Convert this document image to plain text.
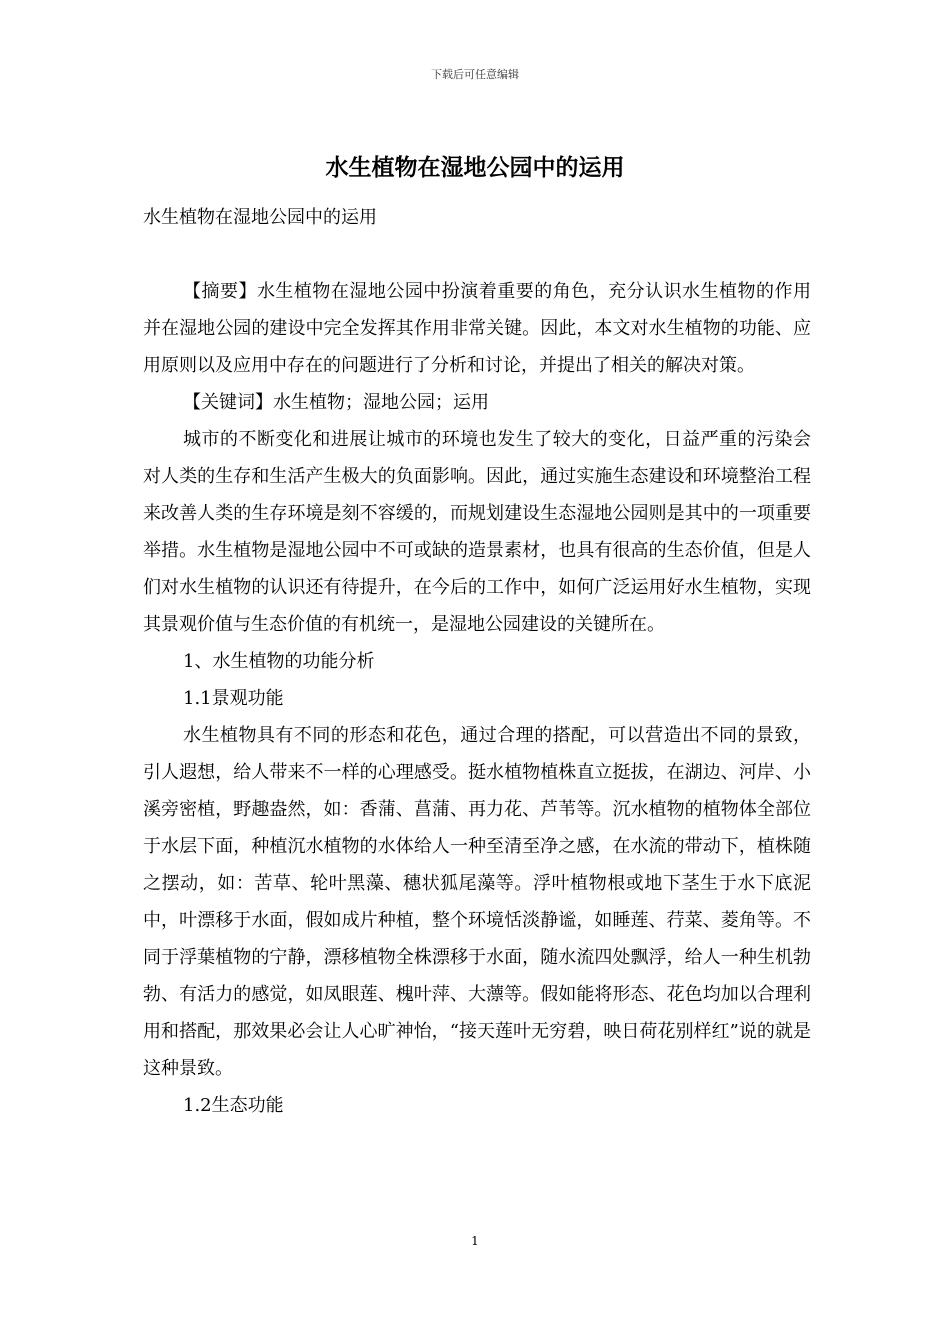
下载后可任意编辑
水生植物在湿地公园中的运用

水生植物在湿地公园中的运用

【摘要】水生植物在湿地公园中扮演着重要的角色，充分认识水生植物的作用并在湿地公园的建设中完全发挥其作用非常关键。因此，本文对水生植物的功能、应用原则以及应用中存在的问题进行了分析和讨论，并提出了相关的解决对策。

【关键词】水生植物；湿地公园；运用

城市的不断变化和进展让城市的环境也发生了较大的变化，日益严重的污染会对人类的生存和生活产生极大的负面影响。因此，通过实施生态建设和环境整治工程来改善人类的生存环境是刻不容缓的，而规划建设生态湿地公园则是其中的一项重要举措。水生植物是湿地公园中不可或缺的造景素材，也具有很高的生态价值，但是人们对水生植物的认识还有待提升，在今后的工作中，如何广泛运用好水生植物，实现其景观价值与生态价值的有机统一，是湿地公园建设的关键所在。

1、水生植物的功能分析

1.1景观功能

水生植物具有不同的形态和花色，通过合理的搭配，可以营造出不同的景致，引人遐想，给人带来不一样的心理感受。挺水植物植株直立挺拔，在湖边、河岸、小溪旁密植，野趣盎然，如：香蒲、菖蒲、再力花、芦苇等。沉水植物的植物体全部位于水层下面，种植沉水植物的水体给人一种至清至净之感，在水流的带动下，植株随之摆动，如：苦草、轮叶黑藻、穗状狐尾藻等。浮叶植物根或地下茎生于水下底泥中，叶漂移于水面，假如成片种植，整个环境恬淡静谧，如睡莲、荇菜、菱角等。不同于浮葉植物的宁静，漂移植物全株漂移于水面，随水流四处飘浮，给人一种生机勃勃、有活力的感觉，如凤眼莲、槐叶萍、大薸等。假如能将形态、花色均加以合理利用和搭配，那效果必会让人心旷神怡，“接天莲叶无穷碧，映日荷花别样红”说的就是这种景致。

1.2生态功能

1
